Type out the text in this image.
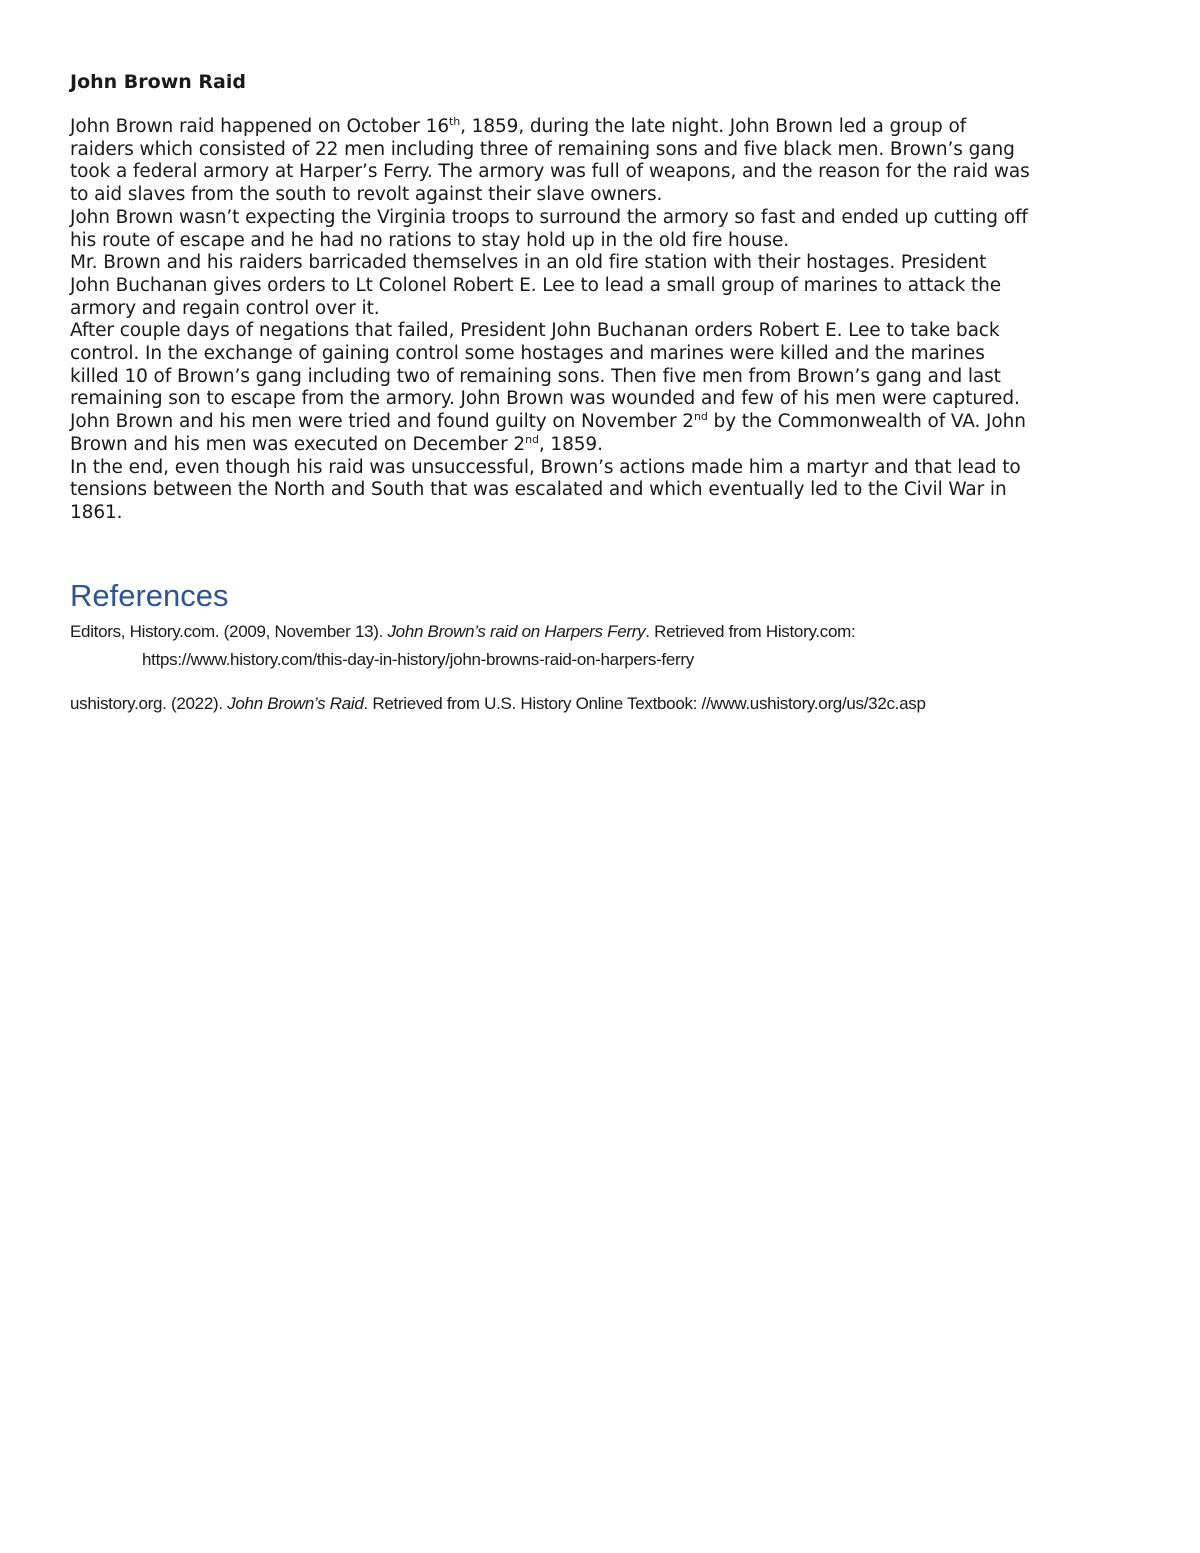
John Brown Raid
John Brown raid happened on October 16th, 1859, during the late night. John Brown led a group of
raiders which consisted of 22 men including three of remaining sons and five black men. Brown’s gang
took a federal armory at Harper’s Ferry. The armory was full of weapons, and the reason for the raid was
to aid slaves from the south to revolt against their slave owners.
John Brown wasn’t expecting the Virginia troops to surround the armory so fast and ended up cutting off
his route of escape and he had no rations to stay hold up in the old fire house.
Mr. Brown and his raiders barricaded themselves in an old fire station with their hostages. President
John Buchanan gives orders to Lt Colonel Robert E. Lee to lead a small group of marines to attack the
armory and regain control over it.
After couple days of negations that failed, President John Buchanan orders Robert E. Lee to take back
control. In the exchange of gaining control some hostages and marines were killed and the marines
killed 10 of Brown’s gang including two of remaining sons. Then five men from Brown’s gang and last
remaining son to escape from the armory. John Brown was wounded and few of his men were captured.
John Brown and his men were tried and found guilty on November 2nd by the Commonwealth of VA. John
Brown and his men was executed on December 2nd, 1859.
In the end, even though his raid was unsuccessful, Brown’s actions made him a martyr and that lead to
tensions between the North and South that was escalated and which eventually led to the Civil War in
1861.
References
Editors, History.com. (2009, November 13). John Brown’s raid on Harpers Ferry. Retrieved from History.com:
https://www.history.com/this-day-in-history/john-browns-raid-on-harpers-ferry
ushistory.org. (2022). John Brown’s Raid. Retrieved from U.S. History Online Textbook: //www.ushistory.org/us/32c.asp
